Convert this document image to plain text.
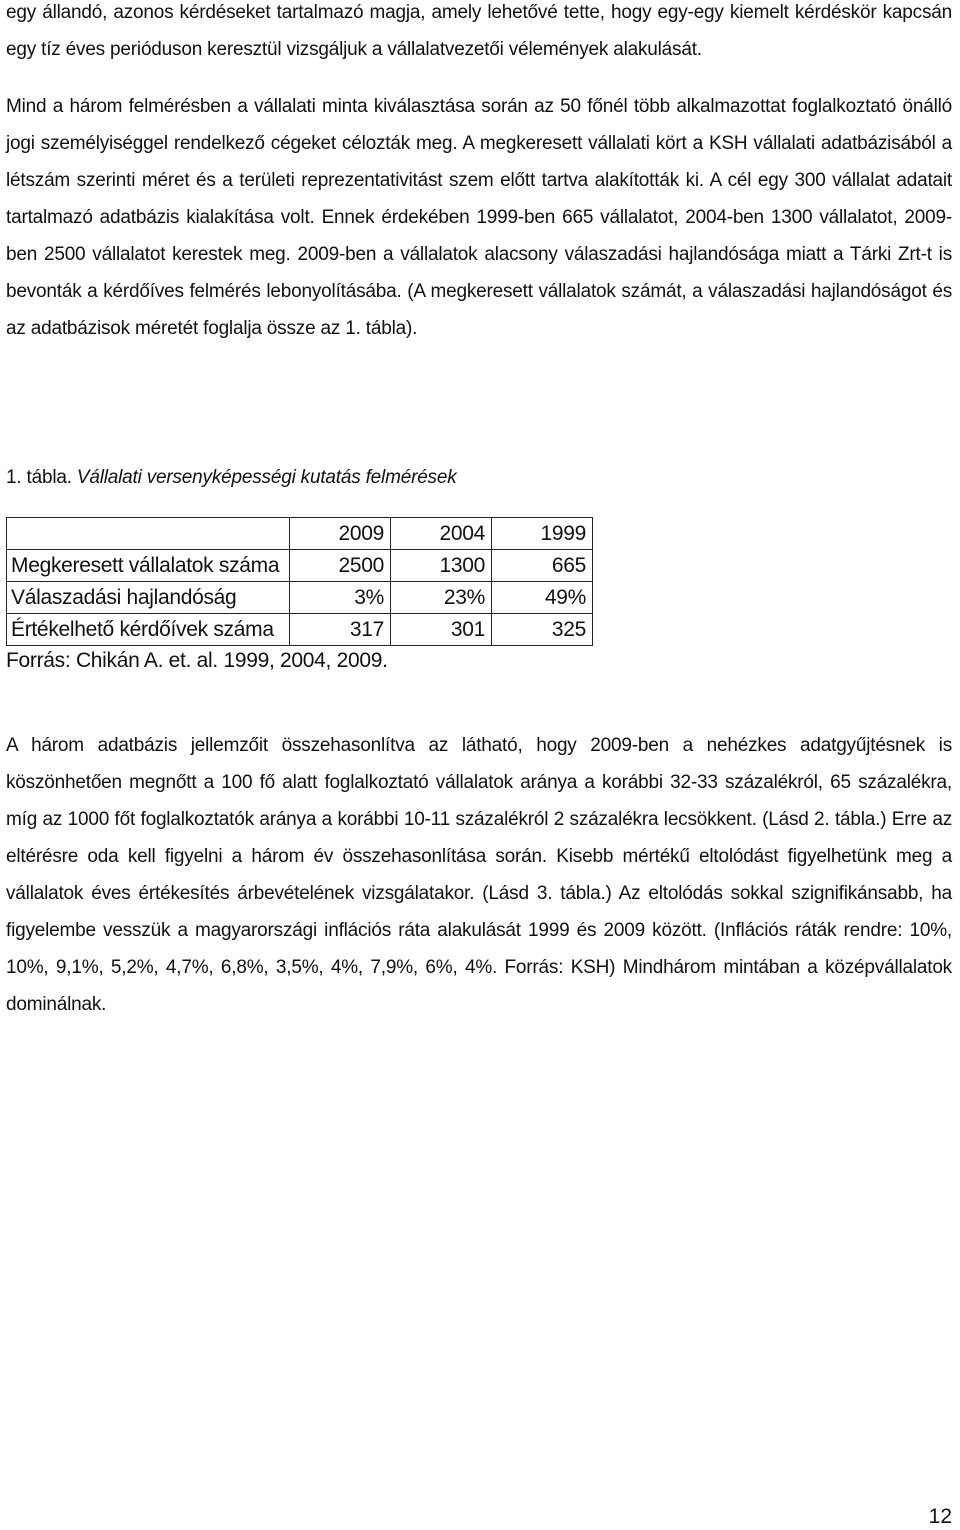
egy állandó, azonos kérdéseket tartalmazó magja, amely lehetővé tette, hogy egy-egy kiemelt kérdéskör kapcsán egy tíz éves perióduson keresztül vizsgáljuk a vállalatvezetői vélemények alakulását.

Mind a három felmérésben a vállalati minta kiválasztása során az 50 főnél több alkalmazottat foglalkoztató önálló jogi személyiséggel rendelkező cégeket célozták meg. A megkeresett vállalati kört a KSH vállalati adatbázisából a létszám szerinti méret és a területi reprezentativitást szem előtt tartva alakították ki. A cél egy 300 vállalat adatait tartalmazó adatbázis kialakítása volt. Ennek érdekében 1999-ben 665 vállalatot, 2004-ben 1300 vállalatot, 2009-ben 2500 vállalatot kerestek meg. 2009-ben a vállalatok alacsony válaszadási hajlandósága miatt a Tárki Zrt-t is bevonták a kérdőíves felmérés lebonyolításába. (A megkeresett vállalatok számát, a válaszadási hajlandóságot és az adatbázisok méretét foglalja össze az 1. tábla).

1. tábla. Vállalati versenyképességi kutatás felmérések
	2009	2004	1999
Megkeresett vállalatok száma	2500	1300	665
Válaszadási hajlandóság	3%	23%	49%
Értékelhető kérdőívek száma	317	301	325
Forrás: Chikán A. et. al. 1999, 2004, 2009.

A három adatbázis jellemzőit összehasonlítva az látható, hogy 2009-ben a nehézkes adatgyűjtésnek is köszönhetően megnőtt a 100 fő alatt foglalkoztató vállalatok aránya a korábbi 32-33 százalékról, 65 százalékra, míg az 1000 főt foglalkoztatók aránya a korábbi 10-11 százalékról 2 százalékra lecsökkent. (Lásd 2. tábla.) Erre az eltérésre oda kell figyelni a három év összehasonlítása során. Kisebb mértékű eltolódást figyelhetünk meg a vállalatok éves értékesítés árbevételének vizsgálatakor. (Lásd 3. tábla.) Az eltolódás sokkal szignifikánsabb, ha figyelembe vesszük a magyarországi inflációs ráta alakulását 1999 és 2009 között. (Inflációs ráták rendre: 10%, 10%, 9,1%, 5,2%, 4,7%, 6,8%, 3,5%, 4%, 7,9%, 6%, 4%. Forrás: KSH) Mindhárom mintában a középvállalatok dominálnak.

12
